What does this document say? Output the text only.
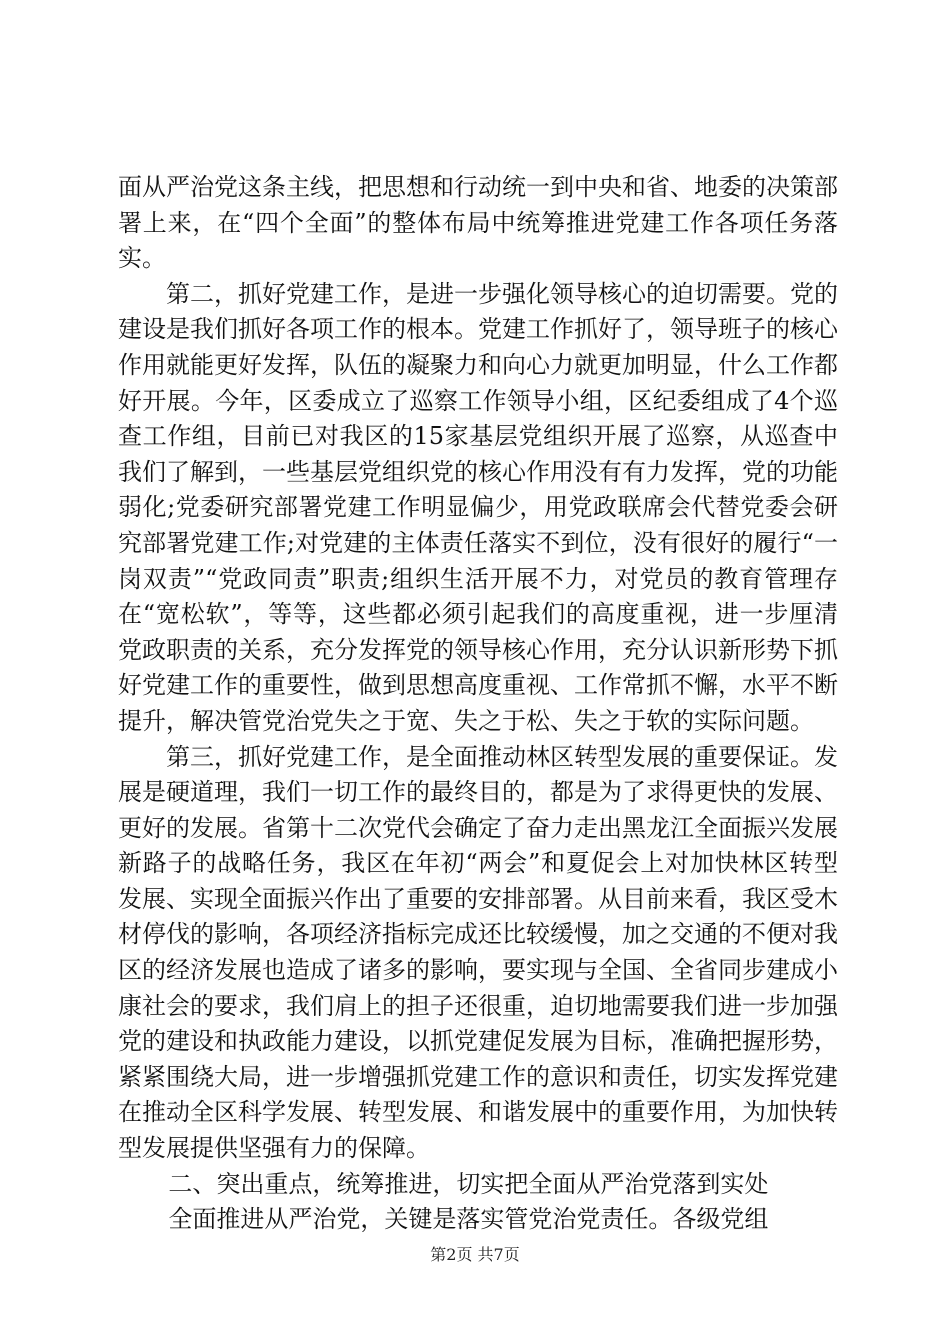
面从严治党这条主线，把思想和行动统一到中央和省、地委的决策部署上来，在“四个全面”的整体布局中统筹推进党建工作各项任务落实。

第二，抓好党建工作，是进一步强化领导核心的迫切需要。党的建设是我们抓好各项工作的根本。党建工作抓好了，领导班子的核心作用就能更好发挥，队伍的凝聚力和向心力就更加明显，什么工作都好开展。今年，区委成立了巡察工作领导小组，区纪委组成了4个巡查工作组，目前已对我区的15家基层党组织开展了巡察，从巡查中我们了解到，一些基层党组织党的核心作用没有有力发挥，党的功能弱化;党委研究部署党建工作明显偏少，用党政联席会代替党委会研究部署党建工作;对党建的主体责任落实不到位，没有很好的履行“一岗双责”“党政同责”职责;组织生活开展不力，对党员的教育管理存在“宽松软”，等等，这些都必须引起我们的高度重视，进一步厘清党政职责的关系，充分发挥党的领导核心作用，充分认识新形势下抓好党建工作的重要性，做到思想高度重视、工作常抓不懈，水平不断提升，解决管党治党失之于宽、失之于松、失之于软的实际问题。

第三，抓好党建工作，是全面推动林区转型发展的重要保证。发展是硬道理，我们一切工作的最终目的，都是为了求得更快的发展、更好的发展。省第十二次党代会确定了奋力走出黑龙江全面振兴发展新路子的战略任务，我区在年初“两会”和夏促会上对加快林区转型发展、实现全面振兴作出了重要的安排部署。从目前来看，我区受木材停伐的影响，各项经济指标完成还比较缓慢，加之交通的不便对我区的经济发展也造成了诸多的影响，要实现与全国、全省同步建成小康社会的要求，我们肩上的担子还很重，迫切地需要我们进一步加强党的建设和执政能力建设，以抓党建促发展为目标，准确把握形势，紧紧围绕大局，进一步增强抓党建工作的意识和责任，切实发挥党建在推动全区科学发展、转型发展、和谐发展中的重要作用，为加快转型发展提供坚强有力的保障。

二、突出重点，统筹推进，切实把全面从严治党落到实处

全面推进从严治党，关键是落实管党治党责任。各级党组

第2页 共7页
